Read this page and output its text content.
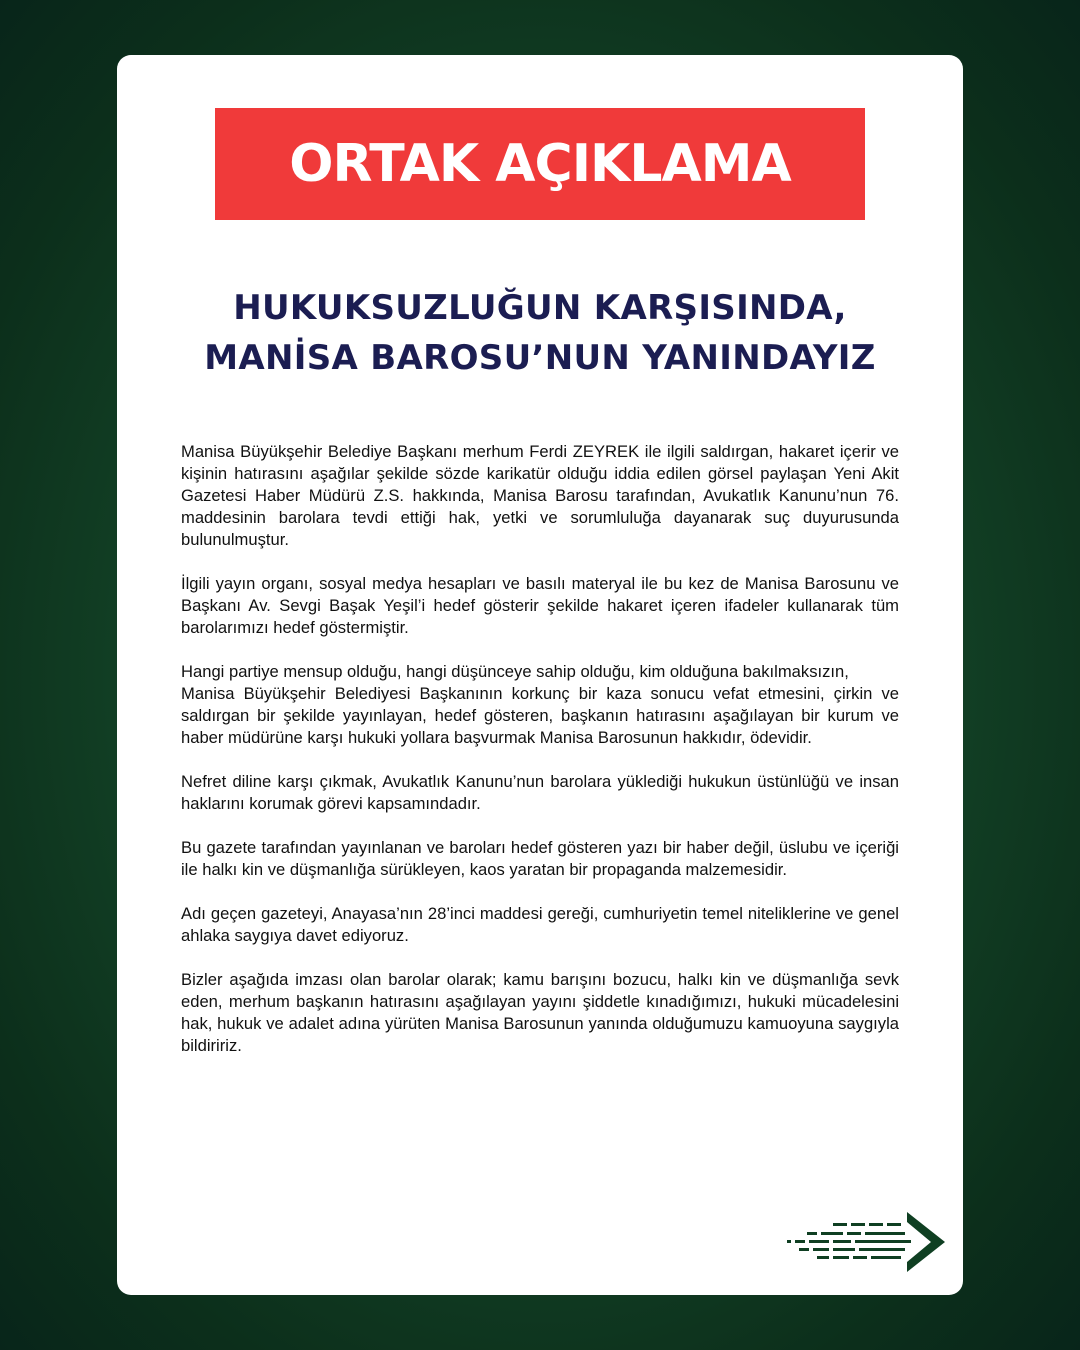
ORTAK AÇIKLAMA
HUKUKSUZLUĞUN KARŞISINDA,
MANİSA BAROSU’NUN YANINDAYIZ

Manisa Büyükşehir Belediye Başkanı merhum Ferdi ZEYREK ile ilgili saldırgan, hakaret içerir ve kişinin hatırasını aşağılar şekilde sözde karikatür olduğu iddia edilen görsel paylaşan Yeni Akit Gazetesi Haber Müdürü Z.S. hakkında, Manisa Barosu tarafından, Avukatlık Kanunu’nun 76. maddesinin barolara tevdi ettiği hak, yetki ve sorumluluğa dayanarak suç duyurusunda bulunulmuştur.

İlgili yayın organı, sosyal medya hesapları ve basılı materyal ile bu kez de Manisa Barosunu ve Başkanı Av. Sevgi Başak Yeşil’i hedef gösterir şekilde hakaret içeren ifadeler kullanarak tüm barolarımızı hedef göstermiştir.

Hangi partiye mensup olduğu, hangi düşünceye sahip olduğu, kim olduğuna bakılmaksızın,
Manisa Büyükşehir Belediyesi Başkanının korkunç bir kaza sonucu vefat etmesini, çirkin ve saldırgan bir şekilde yayınlayan, hedef gösteren, başkanın hatırasını aşağılayan bir kurum ve haber müdürüne karşı hukuki yollara başvurmak Manisa Barosunun hakkıdır, ödevidir.

Nefret diline karşı çıkmak, Avukatlık Kanunu’nun barolara yüklediği hukukun üstünlüğü ve insan haklarını korumak görevi kapsamındadır.

Bu gazete tarafından yayınlanan ve baroları hedef gösteren yazı bir haber değil, üslubu ve içeriği ile halkı kin ve düşmanlığa sürükleyen, kaos yaratan bir propaganda malzemesidir.

Adı geçen gazeteyi, Anayasa’nın 28’inci maddesi gereği, cumhuriyetin temel niteliklerine ve genel ahlaka saygıya davet ediyoruz.

Bizler aşağıda imzası olan barolar olarak; kamu barışını bozucu, halkı kin ve düşmanlığa sevk eden, merhum başkanın hatırasını aşağılayan yayını şiddetle kınadığımızı, hukuki mücadelesini hak, hukuk ve adalet adına yürüten Manisa Barosunun yanında olduğumuzu kamuoyuna saygıyla bildiririz.
